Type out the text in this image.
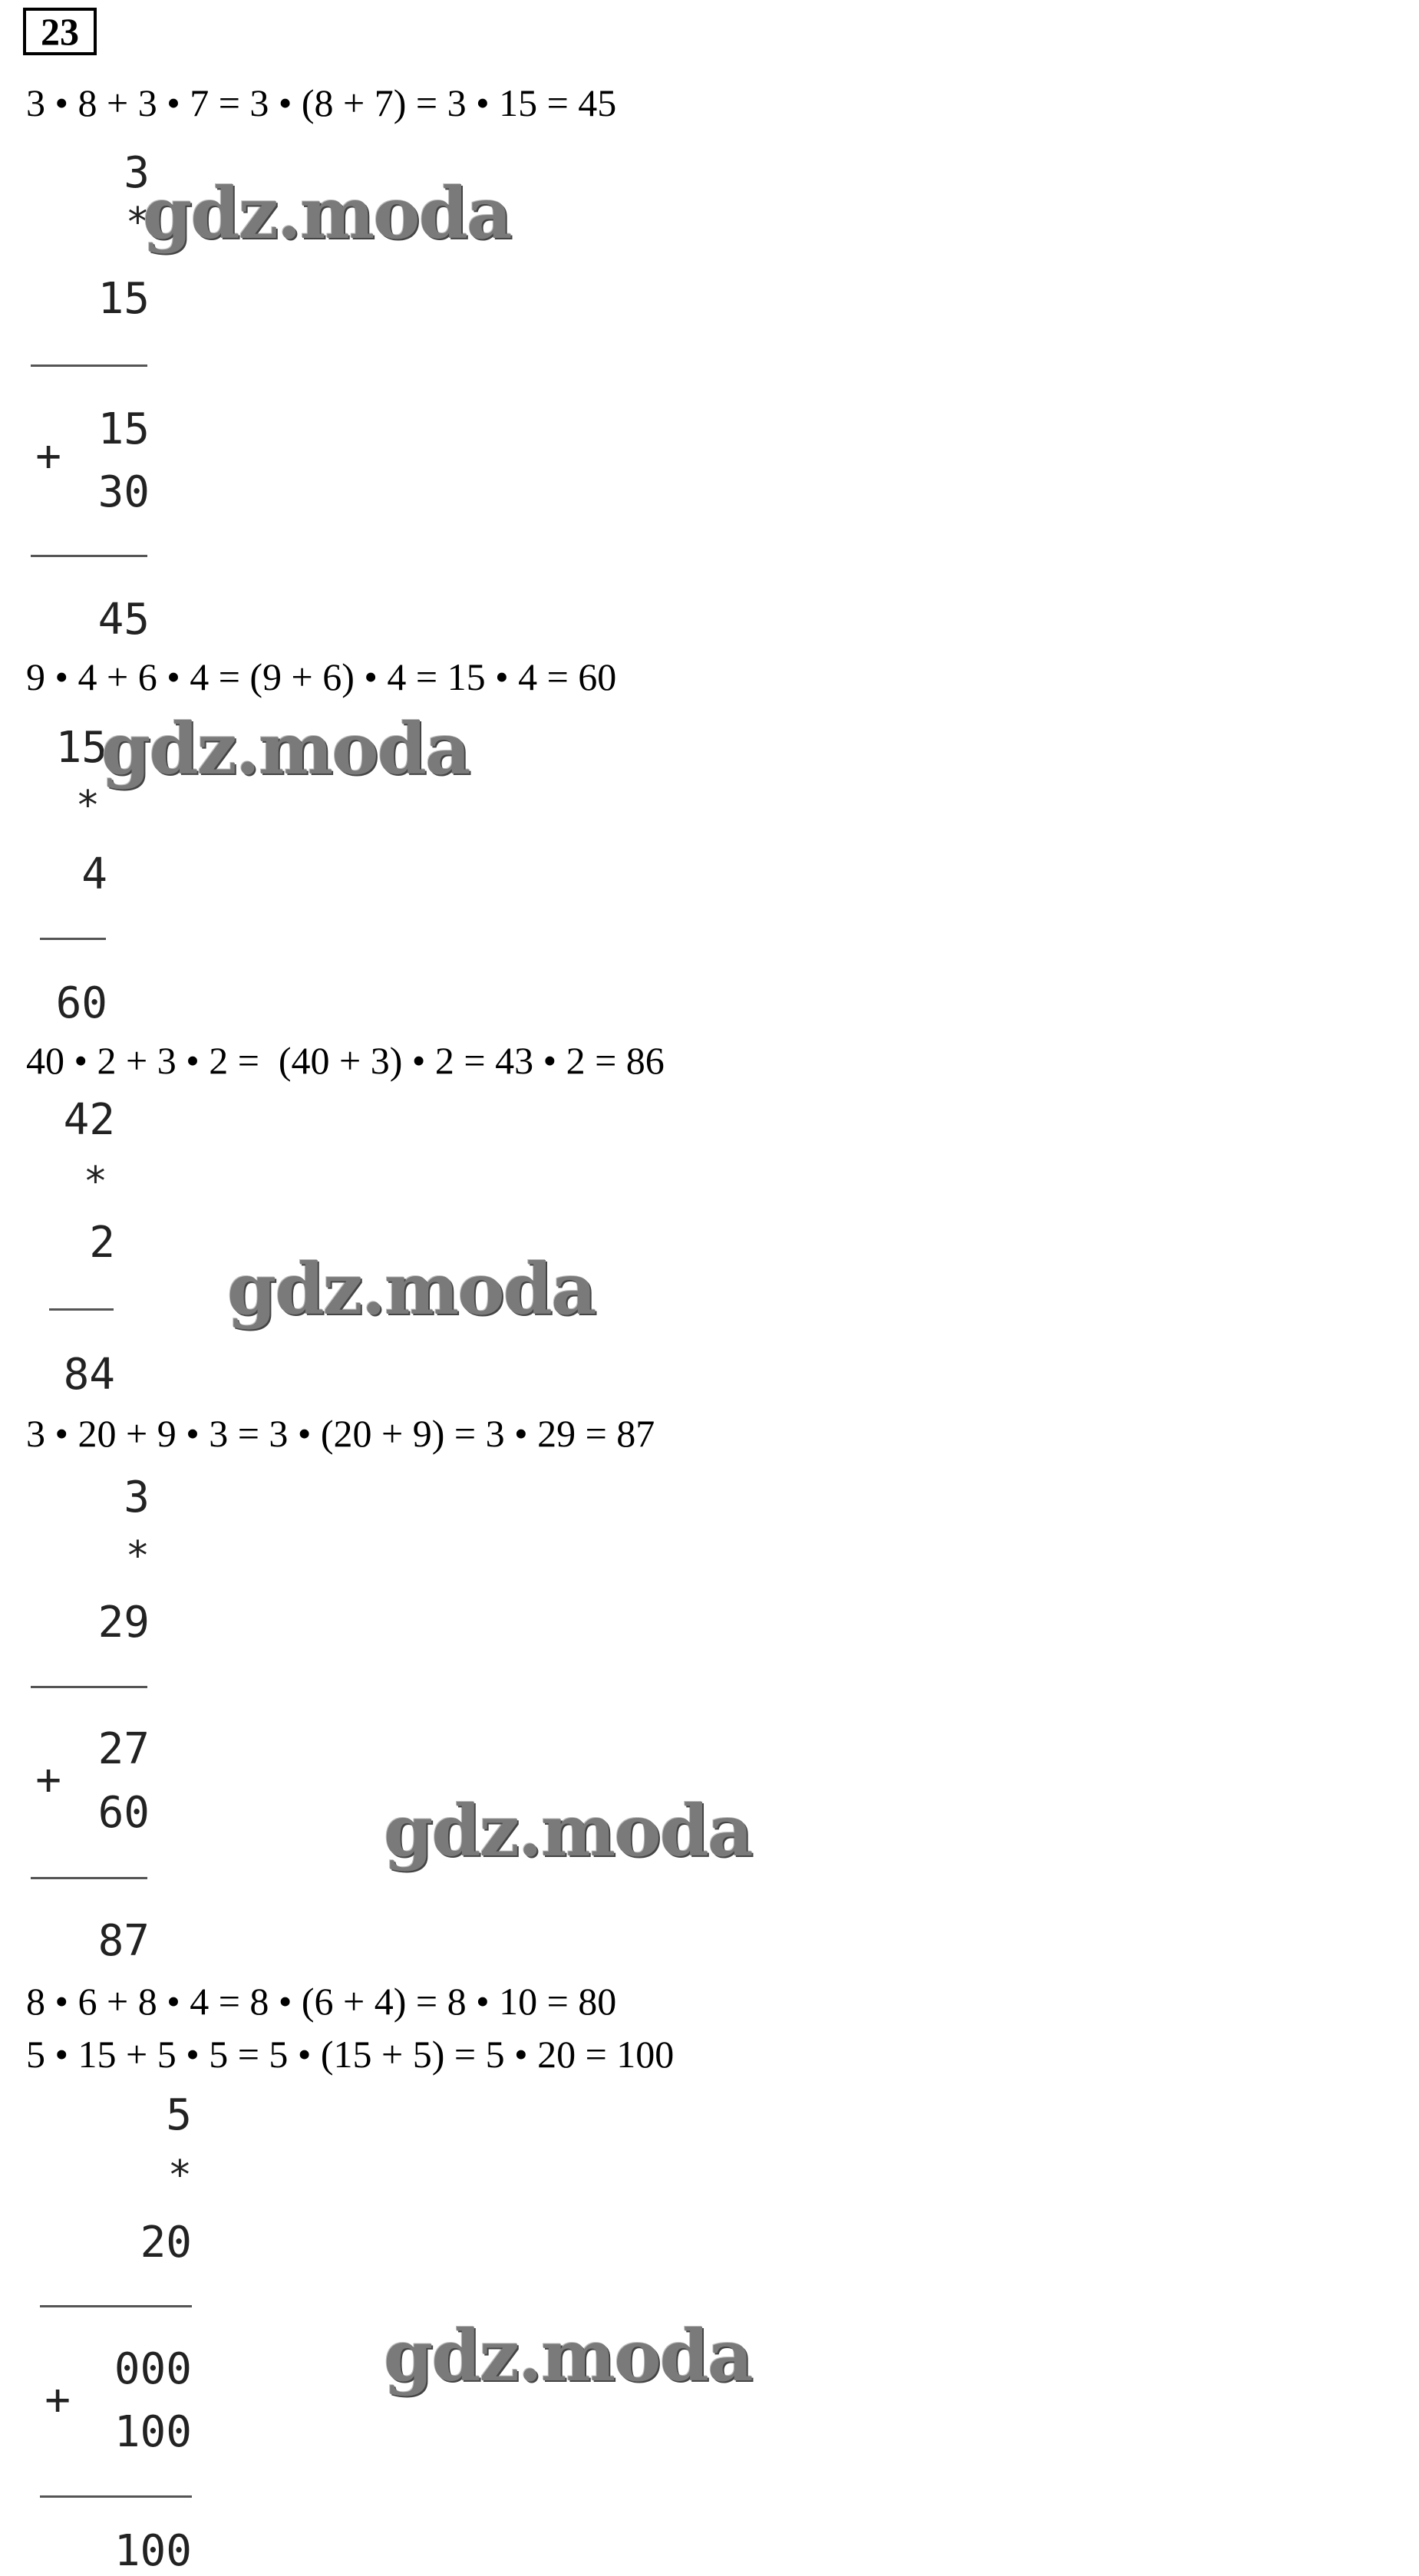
23
3 • 8 + 3 • 7 = 3 • (8 + 7) = 3 • 15 = 45
3
*
gdz.moda
15
15
+
30
45
9 • 4 + 6 • 4 = (9 + 6) • 4 = 15 • 4 = 60
15
gdz.moda
*
4
60
40 • 2 + 3 • 2 =  (40 + 3) • 2 = 43 • 2 = 86
42
*
2
gdz.moda
84
3 • 20 + 9 • 3 = 3 • (20 + 9) = 3 • 29 = 87
3
*
29
27
+
60	gdz.moda
87
8 • 6 + 8 • 4 = 8 • (6 + 4) = 8 • 10 = 80
5 • 15 + 5 • 5 = 5 • (15 + 5) = 5 • 20 = 100
5
*
20
000	gdz.moda
+
100
100
